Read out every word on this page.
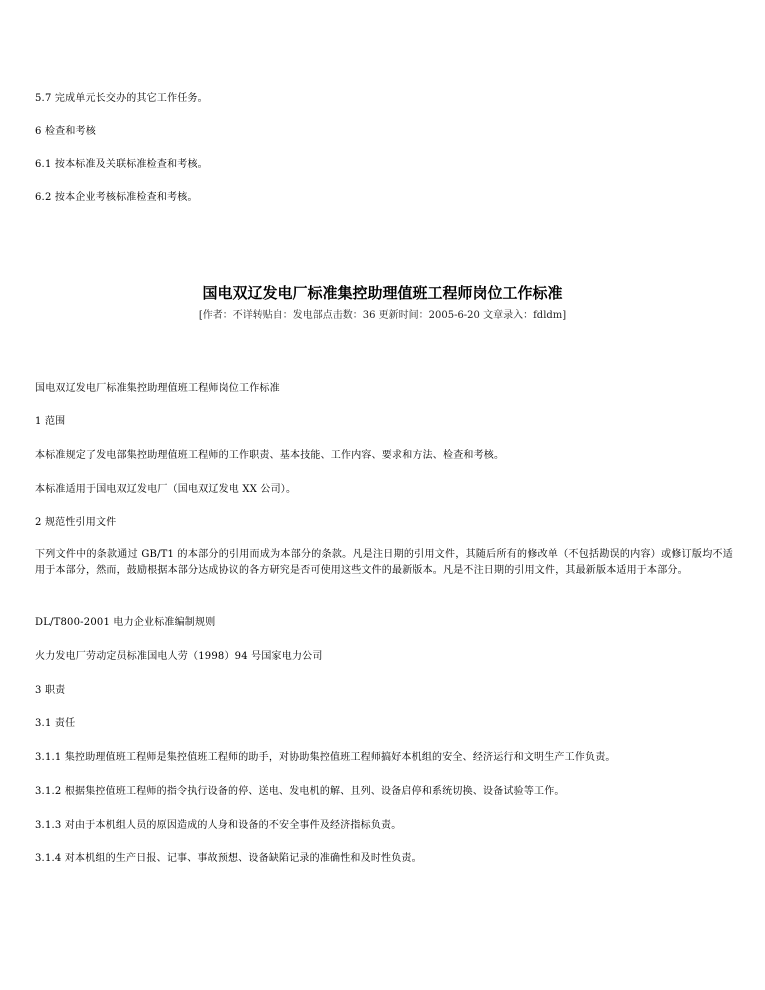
5.7 完成单元长交办的其它工作任务。
6 检查和考核
6.1 按本标准及关联标准检查和考核。
6.2 按本企业考核标准检查和考核。
国电双辽发电厂标准集控助理值班工程师岗位工作标准
[作者：不详转贴自：发电部点击数：36 更新时间：2005-6-20 文章录入：fdldm]
国电双辽发电厂标准集控助理值班工程师岗位工作标准
1 范围
本标准规定了发电部集控助理值班工程师的工作职责、基本技能、工作内容、要求和方法、检查和考核。
本标准适用于国电双辽发电厂（国电双辽发电 XX 公司）。
2 规范性引用文件
下列文件中的条款通过 GB/T1 的本部分的引用而成为本部分的条款。凡是注日期的引用文件，其随后所有的修改单（不包括勘误的内容）或修订版均不适用于本部分，然而，鼓励根据本部分达成协议的各方研究是否可使用这些文件的最新版本。凡是不注日期的引用文件，其最新版本适用于本部分。
DL/T800-2001 电力企业标准编制规则
火力发电厂劳动定员标准国电人劳（1998）94 号国家电力公司
3 职责
3.1 责任
3.1.1 集控助理值班工程师是集控值班工程师的助手，对协助集控值班工程师搞好本机组的安全、经济运行和文明生产工作负责。
3.1.2 根据集控值班工程师的指令执行设备的停、送电、发电机的解、且列、设备启停和系统切换、设备试验等工作。
3.1.3 对由于本机组人员的原因造成的人身和设备的不安全事件及经济指标负责。
3.1.4 对本机组的生产日报、记事、事故预想、设备缺陷记录的准确性和及时性负责。
